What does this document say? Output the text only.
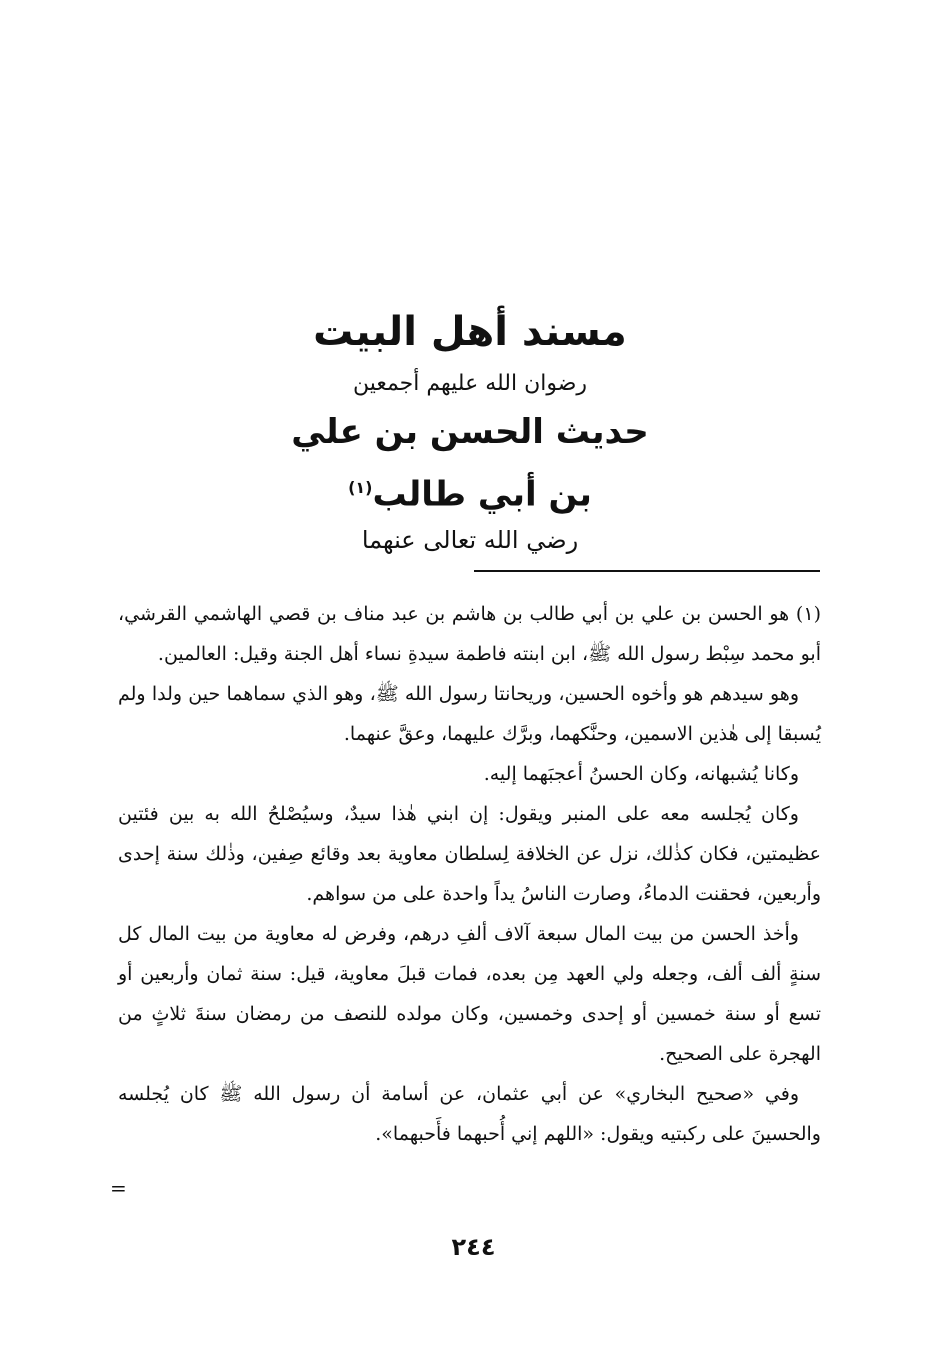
مسند أهل البيت

رضوان الله عليهم أجمعين

حديث الحسن بن علي بن أبي طالب$^{(١)}$

رضي الله تعالى عنهما

(١) هو الحسن بن علي بن أبي طالب بن هاشم بن عبد مناف بن قصي الهاشمي القرشي، أبو محمد سِبْط رسول الله ﷺ، ابن ابنته فاطمة سيدةِ نساء أهل الجنة وقيل: العالمين.

وهو سيدهم هو وأخوه الحسين، وريحانتا رسول الله ﷺ، وهو الذي سماهما حين ولدا ولم يُسبقا إلى هٰذين الاسمين، وحنَّكهما، وبرَّك عليهما، وعقَّ عنهما.

وكانا يُشبهانه، وكان الحسنُ أعجبَهما إليه.

وكان يُجلسه معه على المنبر ويقول: إن ابني هٰذا سيدٌ، وسيُصْلحُ الله به بين فئتين عظيمتين، فكان كذٰلك، نزل عن الخلافة لِسلطان معاوية بعد وقائع صِفين، وذٰلك سنة إحدى وأربعين، فحقنت الدماءُ، وصارت الناسُ يداً واحدة على من سواهم.

وأخذ الحسن من بيت المال سبعة آلاف ألفِ درهم، وفرض له معاوية من بيت المال كل سنةٍ ألف ألف، وجعله ولي العهد مِن بعده، فمات قبلَ معاوية، قيل: سنة ثمان وأربعين أو تسع أو سنة خمسين أو إحدى وخمسين، وكان مولده للنصف من رمضان سنةَ ثلاثٍ من الهجرة على الصحيح.

وفي «صحيح البخاري» عن أبي عثمان، عن أسامة أن رسول الله ﷺ كان يُجلسه والحسينَ على ركبتيه ويقول: «اللهم إني أُحبهما فأَحبهما».

=
٢٤٤
